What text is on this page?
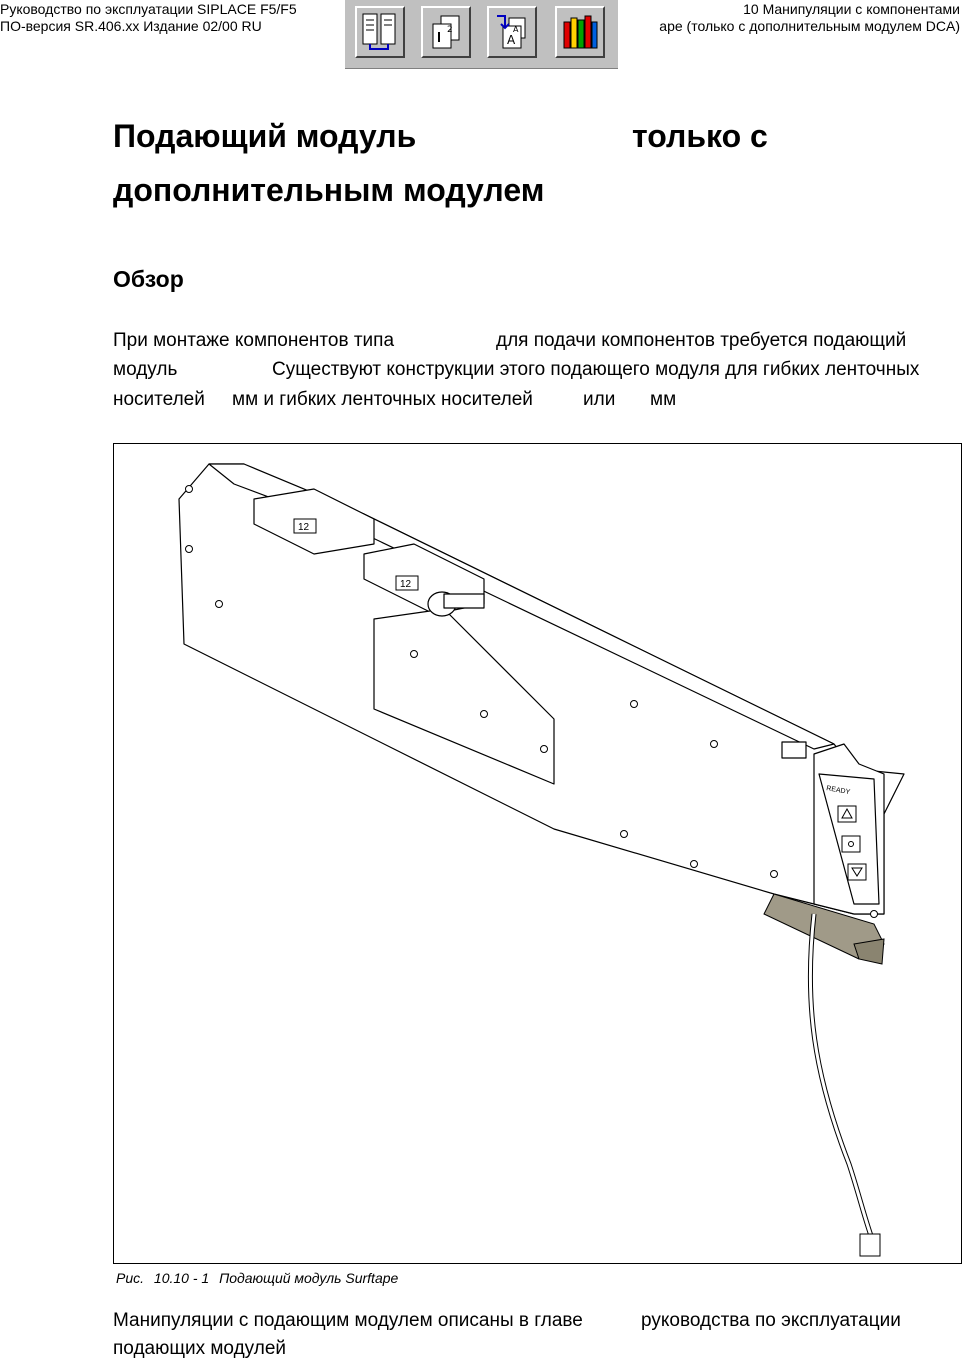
Руководство по эксплуатации SIPLACE F5/F5
ПО-версия SR.406.xx Издание 02/00 RU
10 Манипуляции с компонентами
аре (только с дополнительным модулем DCA)
2
A
A
Подающий модуль	только с
дополнительным модулем
Обзор
При монтаже компонентов типа	для подачи компонентов требуется подающий
модуль	Существуют конструкции этого подающего модуля для гибких ленточных
носителей мм и гибких ленточных носителей	или мм
12
12
READY
Рис. 10.10 - 1 Подающий модуль Surftape
Манипуляции с подающим модулем описаны в главе	руководства по эксплуатации
подающих модулей
